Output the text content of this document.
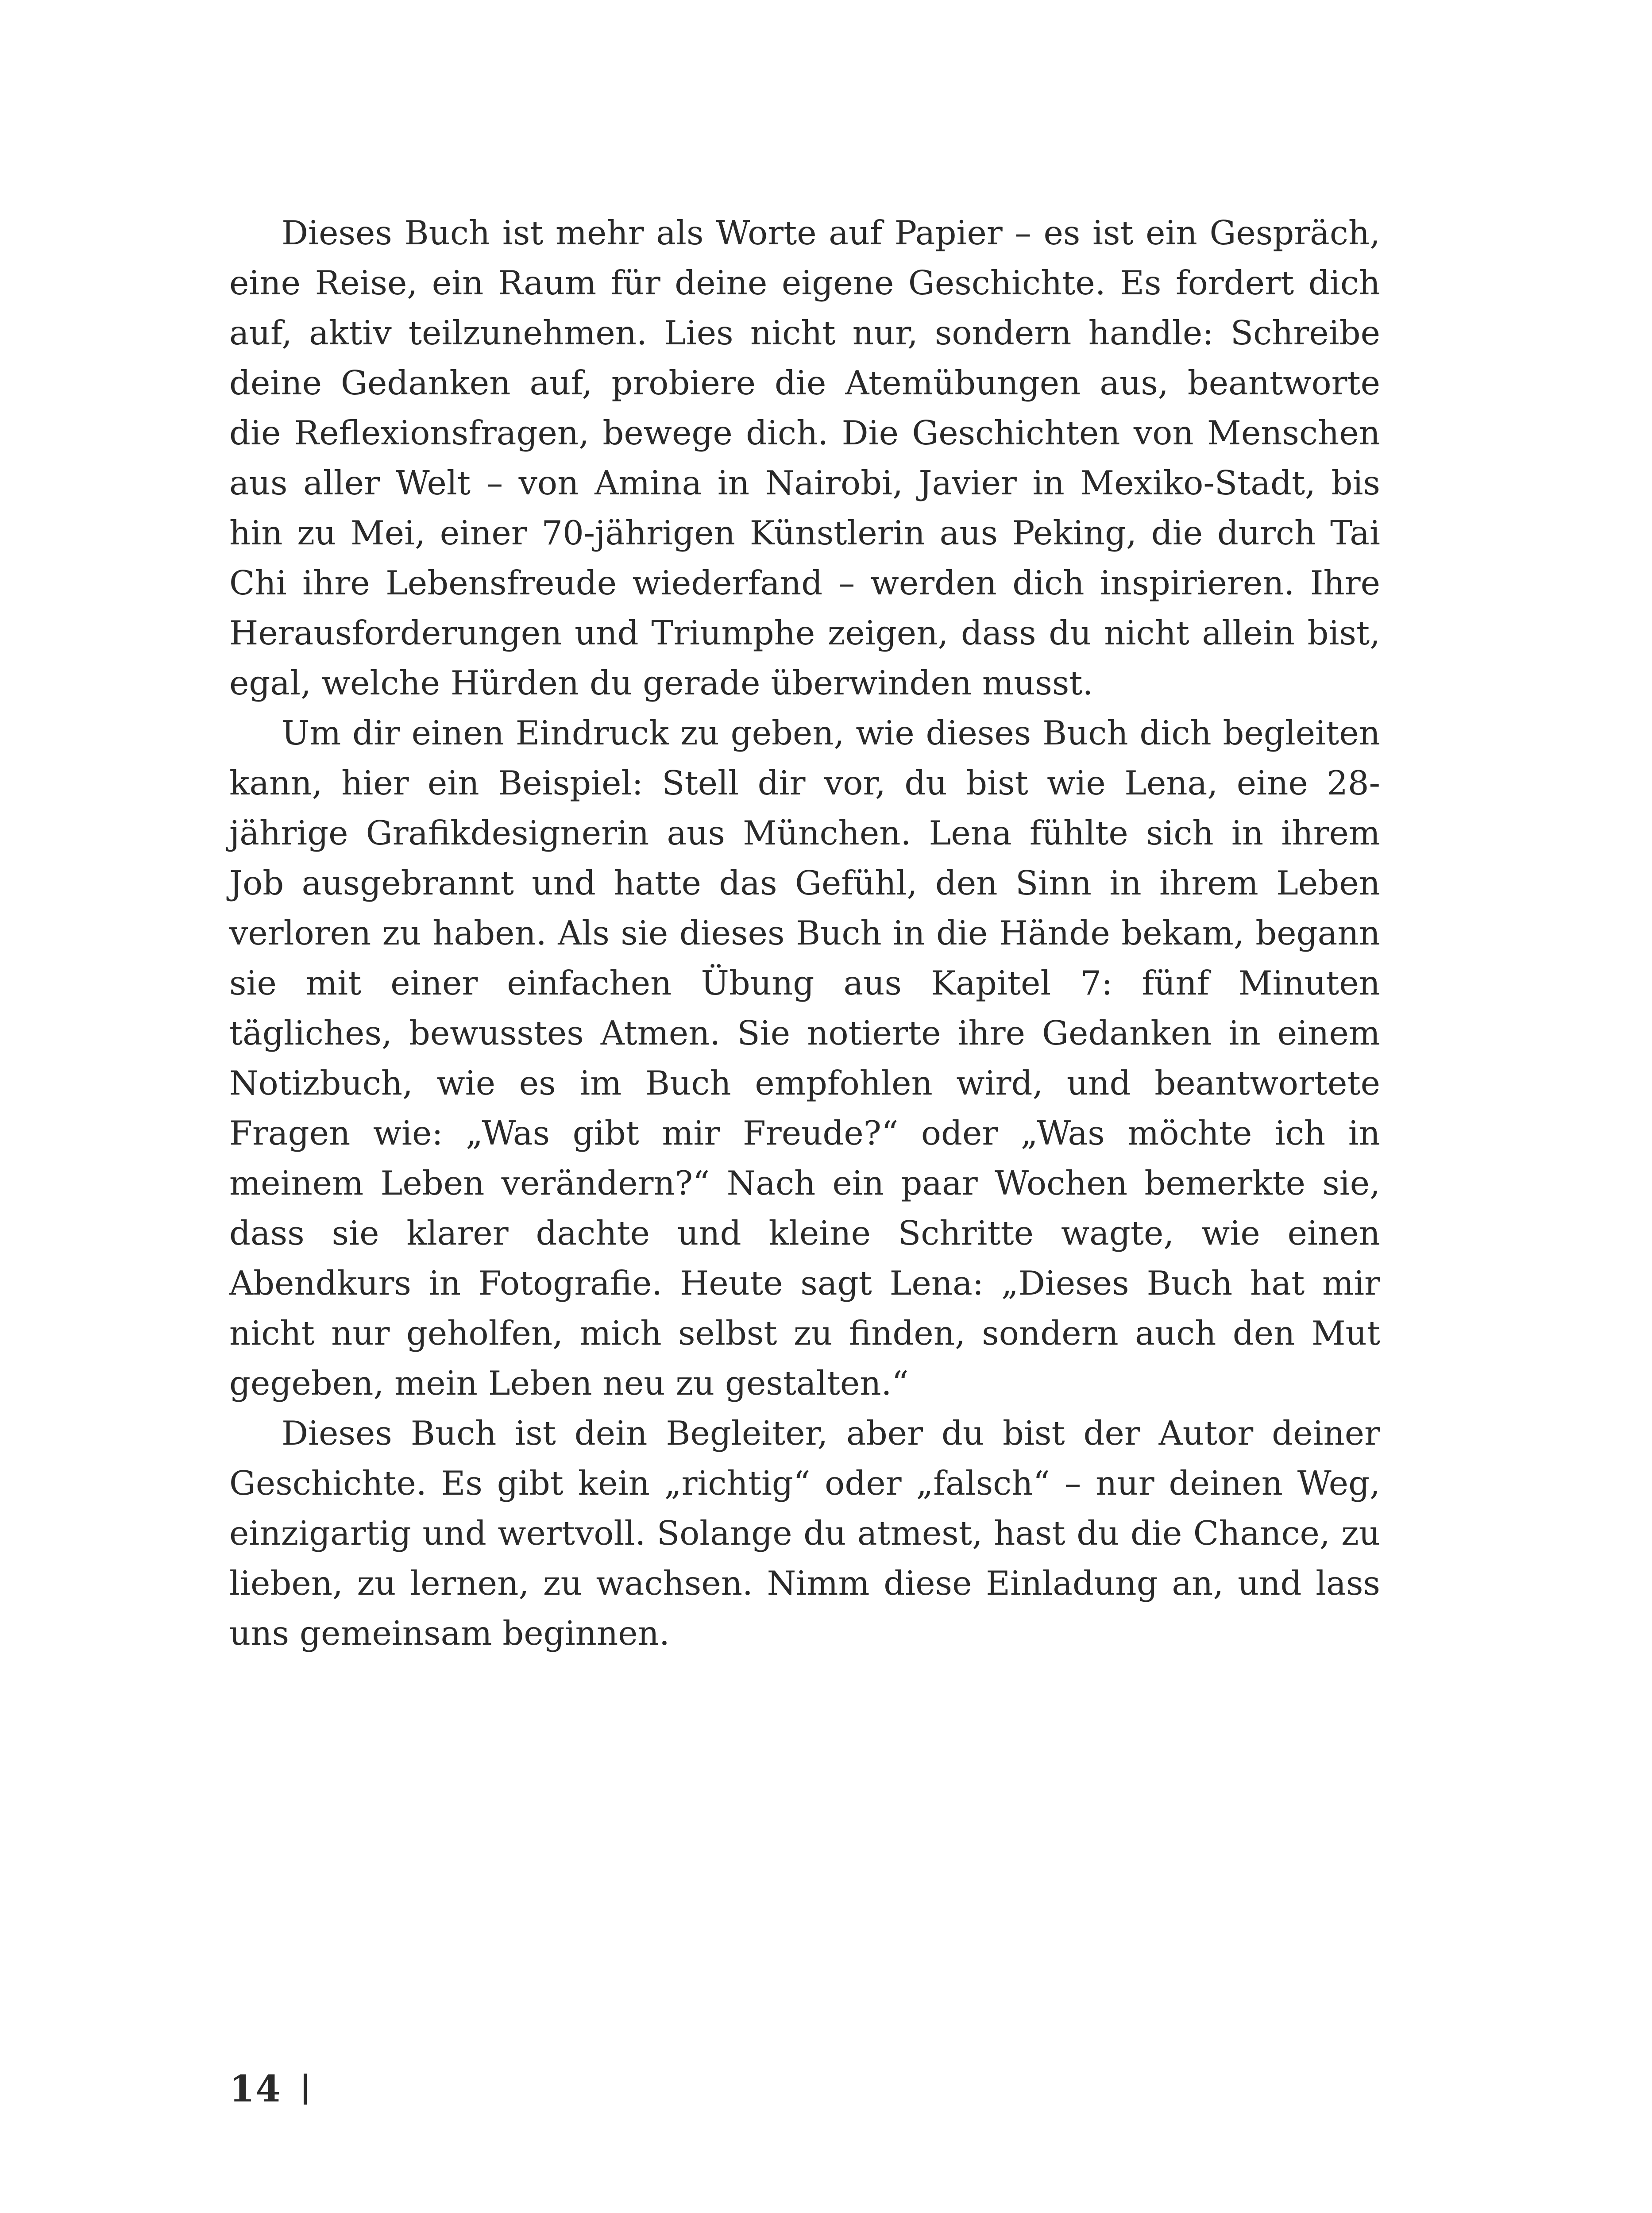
Dieses Buch ist mehr als Worte auf Papier – es ist ein Gespräch, eine Reise, ein Raum für deine eigene Geschichte. Es fordert dich auf, aktiv teilzunehmen. Lies nicht nur, sondern handle: Schreibe deine Gedanken auf, probiere die Atemübungen aus, beantworte die Reflexionsfragen, bewege dich. Die Geschichten von Menschen aus aller Welt – von Amina in Nairobi, Javier in Mexiko-Stadt, bis hin zu Mei, einer 70-jährigen Künstlerin aus Peking, die durch Tai Chi ihre Lebensfreude wiederfand – werden dich inspirieren. Ihre Herausforderungen und Triumphe zeigen, dass du nicht allein bist, egal, welche Hürden du gerade überwinden musst.

Um dir einen Eindruck zu geben, wie dieses Buch dich begleiten kann, hier ein Beispiel: Stell dir vor, du bist wie Lena, eine 28-jährige Grafikdesignerin aus München. Lena fühlte sich in ihrem Job ausgebrannt und hatte das Gefühl, den Sinn in ihrem Leben verloren zu haben. Als sie dieses Buch in die Hände bekam, begann sie mit einer einfachen Übung aus Kapitel 7: fünf Minuten tägliches, bewusstes Atmen. Sie notierte ihre Gedanken in einem Notizbuch, wie es im Buch empfohlen wird, und beantwortete Fragen wie: „Was gibt mir Freude?“ oder „Was möchte ich in meinem Leben verändern?“ Nach ein paar Wochen bemerkte sie, dass sie klarer dachte und kleine Schritte wagte, wie einen Abendkurs in Fotografie. Heute sagt Lena: „Dieses Buch hat mir nicht nur geholfen, mich selbst zu finden, sondern auch den Mut gegeben, mein Leben neu zu gestalten.“

Dieses Buch ist dein Begleiter, aber du bist der Autor deiner Geschichte. Es gibt kein „richtig“ oder „falsch“ – nur deinen Weg, einzigartig und wertvoll. Solange du atmest, hast du die Chance, zu lieben, zu lernen, zu wachsen. Nimm diese Einladung an, und lass uns gemeinsam beginnen.

14
